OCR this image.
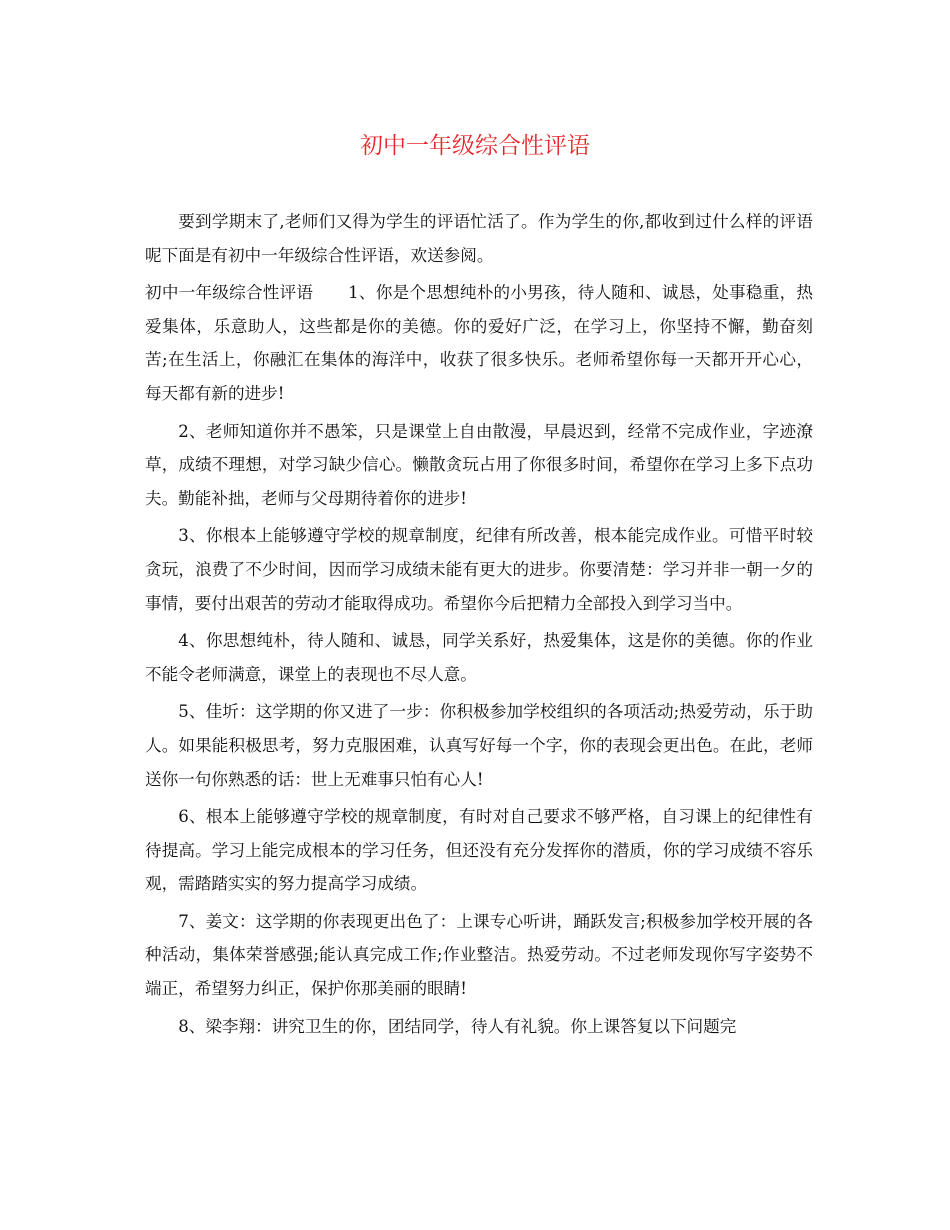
初中一年级综合性评语

要到学期末了,老师们又得为学生的评语忙活了。作为学生的你,都收到过什么样的评语呢下面是有初中一年级综合性评语，欢送参阅。

初中一年级综合性评语 1、你是个思想纯朴的小男孩，待人随和、诚恳，处事稳重，热爱集体，乐意助人，这些都是你的美德。你的爱好广泛，在学习上，你坚持不懈，勤奋刻苦;在生活上，你融汇在集体的海洋中，收获了很多快乐。老师希望你每一天都开开心心，每天都有新的进步!

2、老师知道你并不愚笨，只是课堂上自由散漫，早晨迟到，经常不完成作业，字迹潦草，成绩不理想，对学习缺少信心。懒散贪玩占用了你很多时间，希望你在学习上多下点功夫。勤能补拙，老师与父母期待着你的进步!

3、你根本上能够遵守学校的规章制度，纪律有所改善，根本能完成作业。可惜平时较贪玩，浪费了不少时间，因而学习成绩未能有更大的进步。你要清楚：学习并非一朝一夕的事情，要付出艰苦的劳动才能取得成功。希望你今后把精力全部投入到学习当中。

4、你思想纯朴，待人随和、诚恳，同学关系好，热爱集体，这是你的美德。你的作业不能令老师满意，课堂上的表现也不尽人意。

5、佳圻：这学期的你又进了一步：你积极参加学校组织的各项活动;热爱劳动，乐于助人。如果能积极思考，努力克服困难，认真写好每一个字，你的表现会更出色。在此，老师送你一句你熟悉的话：世上无难事只怕有心人!

6、根本上能够遵守学校的规章制度，有时对自己要求不够严格，自习课上的纪律性有待提高。学习上能完成根本的学习任务，但还没有充分发挥你的潜质，你的学习成绩不容乐观，需踏踏实实的努力提高学习成绩。

7、姜文：这学期的你表现更出色了：上课专心听讲，踊跃发言;积极参加学校开展的各种活动，集体荣誉感强;能认真完成工作;作业整洁。热爱劳动。不过老师发现你写字姿势不端正，希望努力纠正，保护你那美丽的眼睛!

8、梁李翔：讲究卫生的你，团结同学，待人有礼貌。你上课答复以下问题完
